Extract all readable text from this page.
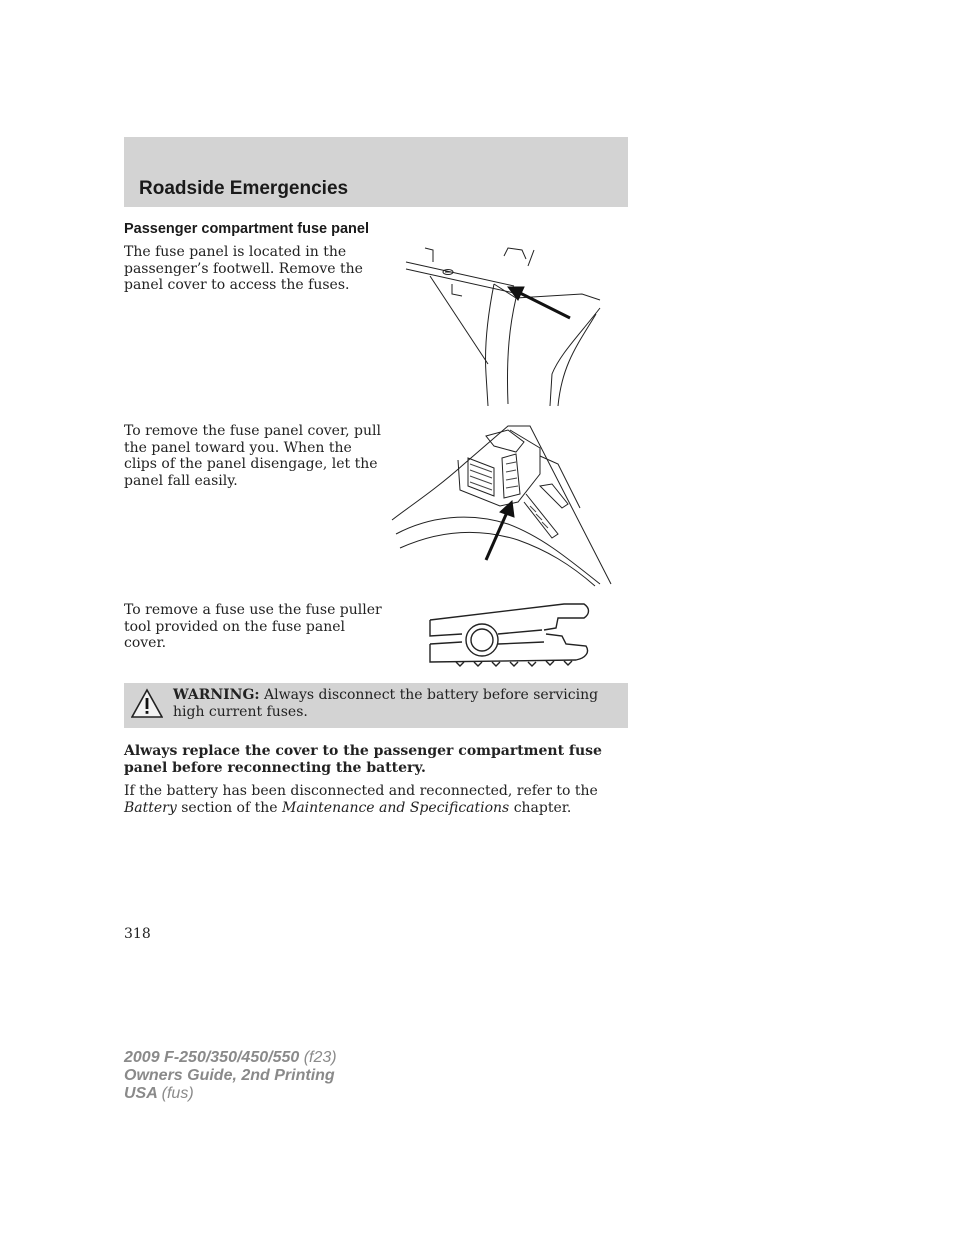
Roadside Emergencies
Passenger compartment fuse panel

The fuse panel is located in the passenger’s footwell. Remove the panel cover to access the fuses.

To remove the fuse panel cover, pull the panel toward you. When the clips of the panel disengage, let the panel fall easily.

To remove a fuse use the fuse puller tool provided on the fuse panel cover.

WARNING: Always disconnect the battery before servicing high current fuses.

Always replace the cover to the passenger compartment fuse panel before reconnecting the battery.

If the battery has been disconnected and reconnected, refer to the Battery section of the Maintenance and Specifications chapter.

318

2009 F-250/350/450/550 (f23)
Owners Guide, 2nd Printing
USA (fus)
